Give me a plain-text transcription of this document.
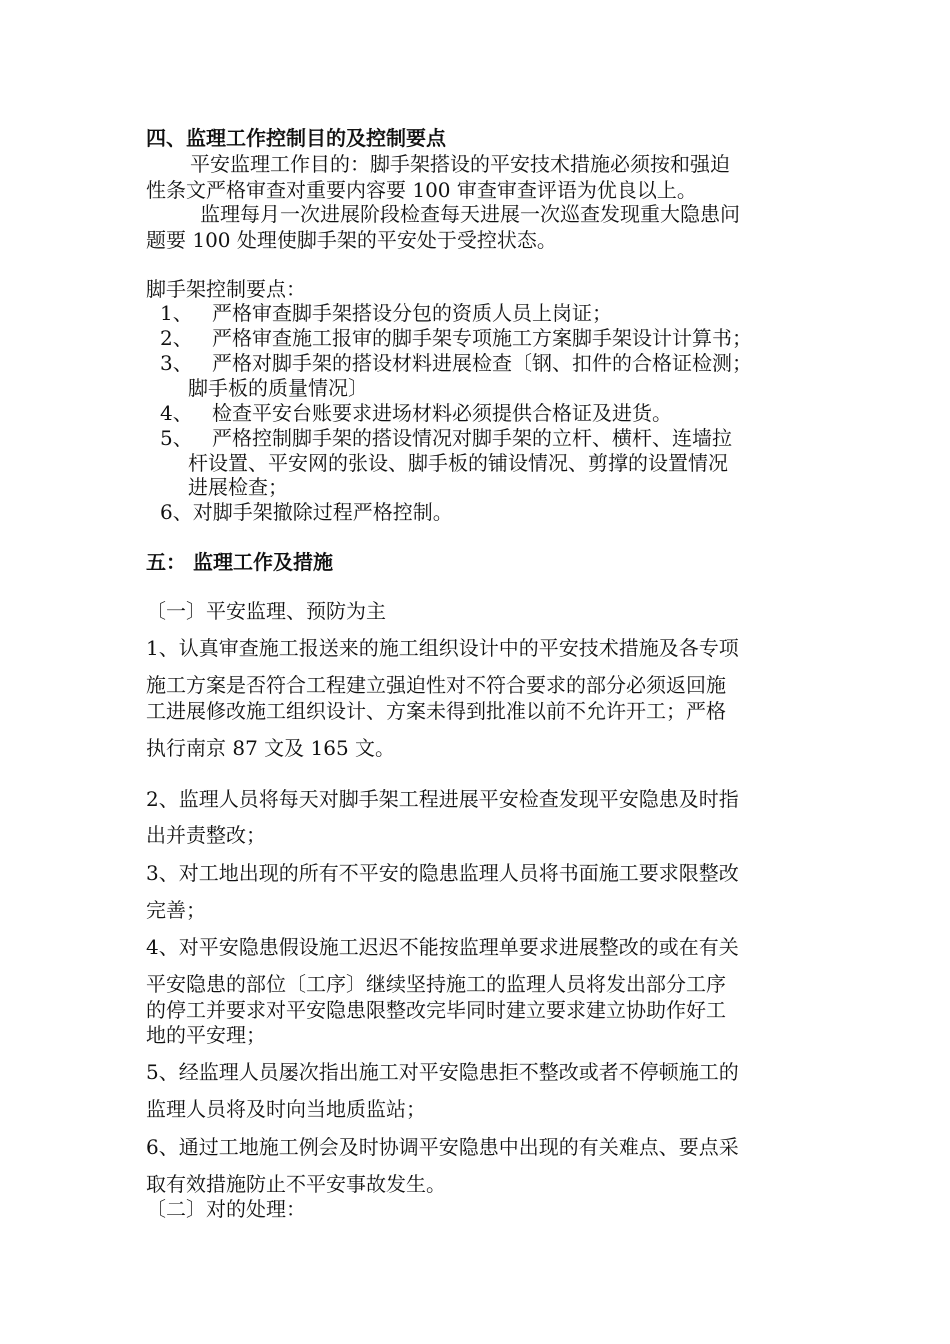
四、监理工作控制目的及控制要点
平安监理工作目的：脚手架搭设的平安技术措施必须按和强迫
性条文严格审查对重要内容要 100 审查审查评语为优良以上。
监理每月一次进展阶段检查每天进展一次巡查发现重大隐患问
题要 100 处理使脚手架的平安处于受控状态。
脚手架控制要点：
1、 严格审查脚手架搭设分包的资质人员上岗证；
2、 严格审查施工报审的脚手架专项施工方案脚手架设计计算书；
3、 严格对脚手架的搭设材料进展检查〔钢、扣件的合格证检测；
脚手板的质量情况〕
4、 检查平安台账要求进场材料必须提供合格证及进货。
5、 严格控制脚手架的搭设情况对脚手架的立杆、横杆、连墙拉
杆设置、平安网的张设、脚手板的铺设情况、剪撑的设置情况
进展检查；
6、对脚手架撤除过程严格控制。
五： 监理工作及措施
〔一〕平安监理、预防为主
1、认真审查施工报送来的施工组织设计中的平安技术措施及各专项
施工方案是否符合工程建立强迫性对不符合要求的部分必须返回施
工进展修改施工组织设计、方案未得到批准以前不允许开工；严格
执行南京 87 文及 165 文。
2、监理人员将每天对脚手架工程进展平安检查发现平安隐患及时指
出并责整改；
3、对工地出现的所有不平安的隐患监理人员将书面施工要求限整改
完善；
4、对平安隐患假设施工迟迟不能按监理单要求进展整改的或在有关
平安隐患的部位〔工序〕继续坚持施工的监理人员将发出部分工序
的停工并要求对平安隐患限整改完毕同时建立要求建立协助作好工
地的平安理；
5、经监理人员屡次指出施工对平安隐患拒不整改或者不停顿施工的
监理人员将及时向当地质监站；
6、通过工地施工例会及时协调平安隐患中出现的有关难点、要点采
取有效措施防止不平安事故发生。
〔二〕对的处理：
